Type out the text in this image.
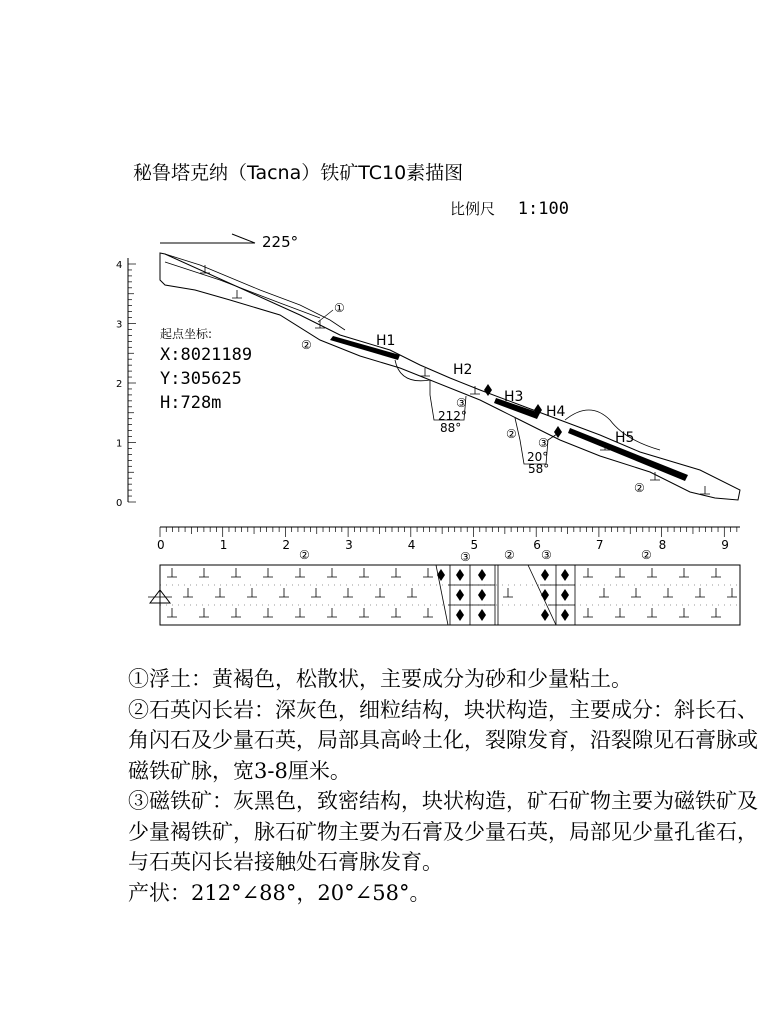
秘鲁塔克纳（Tacna）铁矿TC10素描图
比例尺 1:100
起点坐标:
X:8021189
Y:305625
H:728m
225°
0
1
2
3
4
H1
H2
H3
H4
H5
①
②
③
②
③
②
212°
88°
20°
58°
0	1	2	3	4	5	6	7	8	9
②	③	② ③	②

①浮土：黄褐色，松散状，主要成分为砂和少量粘土。

②石英闪长岩：深灰色，细粒结构，块状构造，主要成分：斜长石、角闪石及少量石英，局部具高岭土化，裂隙发育，沿裂隙见石膏脉或磁铁矿脉，宽3-8厘米。

③磁铁矿：灰黑色，致密结构，块状构造，矿石矿物主要为磁铁矿及少量褐铁矿，脉石矿物主要为石膏及少量石英，局部见少量孔雀石，与石英闪长岩接触处石膏脉发育。

产状：212°∠88°，20°∠58°。
